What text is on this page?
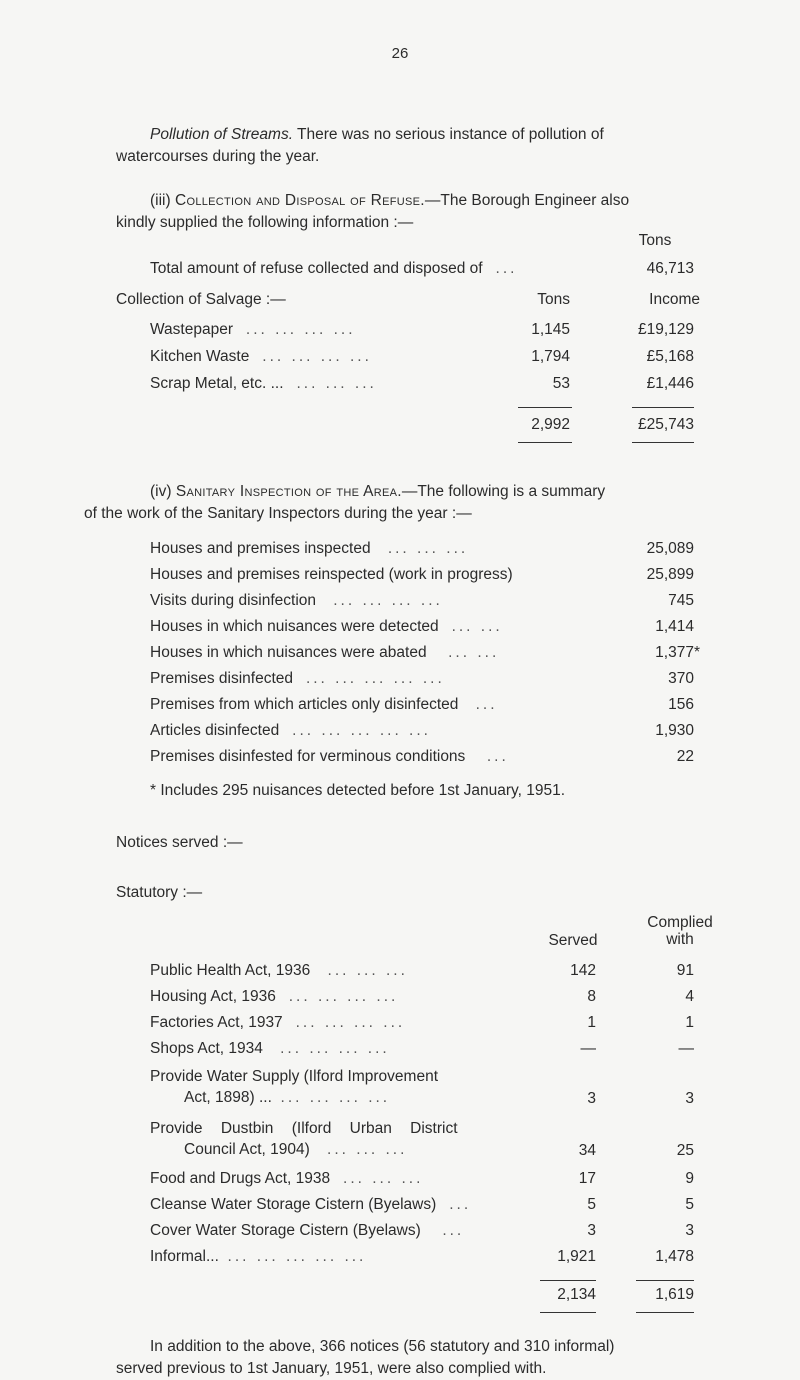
26
Pollution of Streams. There was no serious instance of pollution of
watercourses during the year.
(iii) Collection and Disposal of Refuse.—The Borough Engineer also
kindly supplied the following information :—
Tons
Total amount of refuse collected and disposed of ...	46,713
Collection of Salvage :—	Tons	Income
Wastepaper ... ... ... ...	1,145	£19,129
Kitchen Waste ... ... ... ...	1,794	£5,168
Scrap Metal, etc. ... ... ... ...	53	£1,446
2,992	£25,743
(iv) Sanitary Inspection of the Area.—The following is a summary
of the work of the Sanitary Inspectors during the year :—
Houses and premises inspected ... ... ...	25,089
Houses and premises reinspected (work in progress)	25,899
Visits during disinfection ... ... ... ...	745
Houses in which nuisances were detected ... ...	1,414
Houses in which nuisances were abated ... ...	1,377*
Premises disinfected ... ... ... ... ...	370
Premises from which articles only disinfected ...	156
Articles disinfected ... ... ... ... ...	1,930
Premises disinfested for verminous conditions ...	22
* Includes 295 nuisances detected before 1st January, 1951.
Notices served :—
Statutory :—
Complied
with
Served
Public Health Act, 1936 ... ... ...	142	91
Housing Act, 1936 ... ... ... ...	8	4
Factories Act, 1937 ... ... ... ...	1	1
Shops Act, 1934 ... ... ... ...	—	—
Provide Water Supply (Ilford Improvement
Act, 1898) ... ... ... ... ...	3	3
Provide Dustbin (Ilford Urban District
Council Act, 1904) ... ... ...	34	25
Food and Drugs Act, 1938 ... ... ...	17	9
Cleanse Water Storage Cistern (Byelaws) ...	5	5
Cover Water Storage Cistern (Byelaws) ...	3	3
Informal... ... ... ... ... ...	1,921	1,478
2,134	1,619
In addition to the above, 366 notices (56 statutory and 310 informal)
served previous to 1st January, 1951, were also complied with.
